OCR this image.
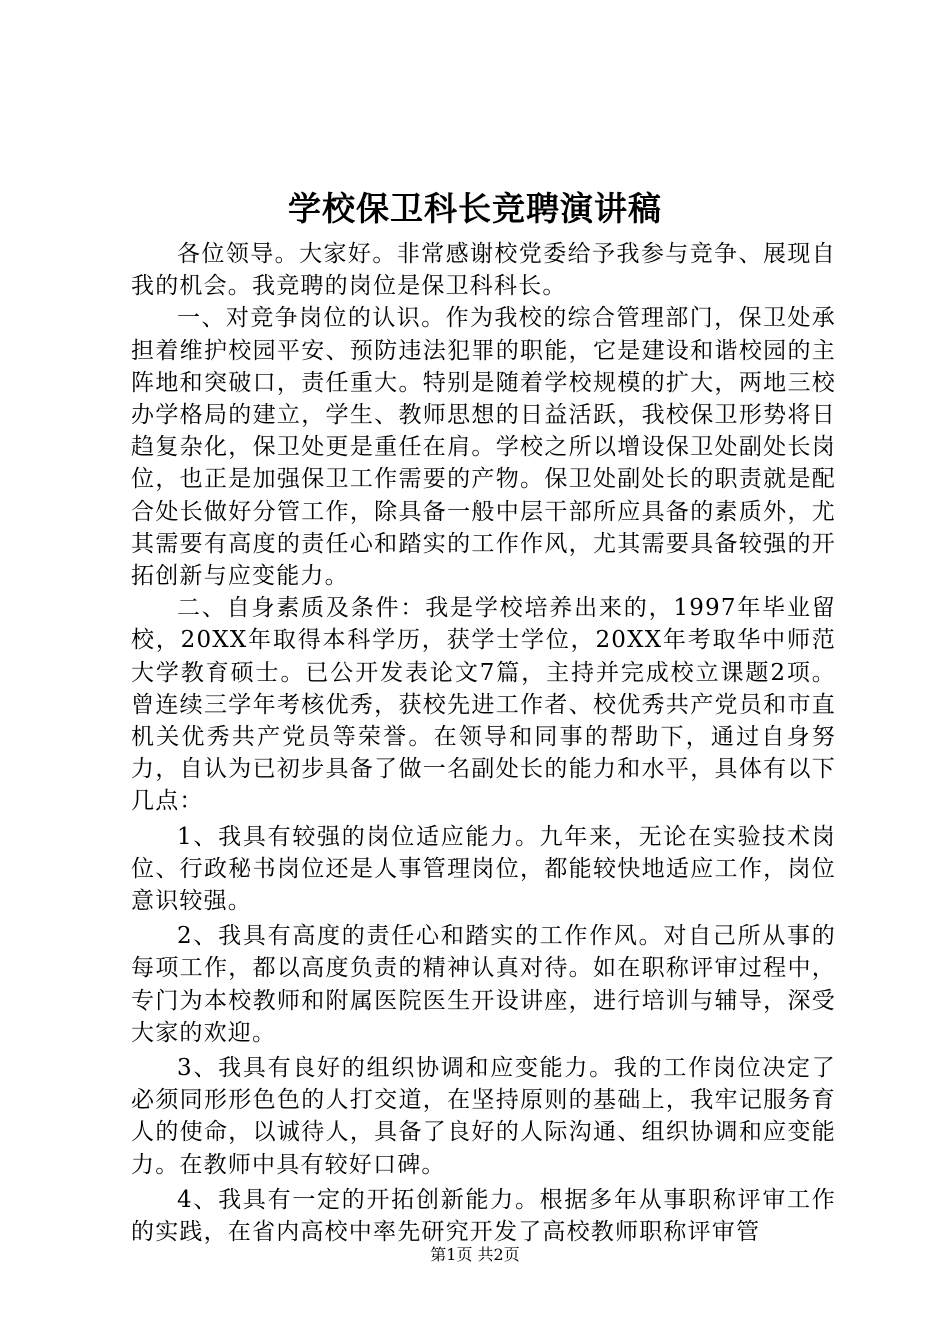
学校保卫科长竞聘演讲稿

各位领导。大家好。非常感谢校党委给予我参与竞争、展现自我的机会。我竞聘的岗位是保卫科科长。

一、对竞争岗位的认识。作为我校的综合管理部门，保卫处承担着维护校园平安、预防违法犯罪的职能，它是建设和谐校园的主阵地和突破口，责任重大。特别是随着学校规模的扩大，两地三校办学格局的建立，学生、教师思想的日益活跃，我校保卫形势将日趋复杂化，保卫处更是重任在肩。学校之所以增设保卫处副处长岗位，也正是加强保卫工作需要的产物。保卫处副处长的职责就是配合处长做好分管工作，除具备一般中层干部所应具备的素质外，尤其需要有高度的责任心和踏实的工作作风，尤其需要具备较强的开拓创新与应变能力。

二、自身素质及条件：我是学校培养出来的，1997年毕业留校，20XX年取得本科学历，获学士学位，20XX年考取华中师范大学教育硕士。已公开发表论文7篇，主持并完成校立课题2项。曾连续三学年考核优秀，获校先进工作者、校优秀共产党员和市直机关优秀共产党员等荣誉。在领导和同事的帮助下，通过自身努力，自认为已初步具备了做一名副处长的能力和水平，具体有以下几点：

1、我具有较强的岗位适应能力。九年来，无论在实验技术岗位、行政秘书岗位还是人事管理岗位，都能较快地适应工作，岗位意识较强。

2、我具有高度的责任心和踏实的工作作风。对自己所从事的每项工作，都以高度负责的精神认真对待。如在职称评审过程中，专门为本校教师和附属医院医生开设讲座，进行培训与辅导，深受大家的欢迎。

3、我具有良好的组织协调和应变能力。我的工作岗位决定了必须同形形色色的人打交道，在坚持原则的基础上，我牢记服务育人的使命，以诚待人，具备了良好的人际沟通、组织协调和应变能力。在教师中具有较好口碑。

4、我具有一定的开拓创新能力。根据多年从事职称评审工作的实践，在省内高校中率先研究开发了高校教师职称评审管

第1页 共2页
